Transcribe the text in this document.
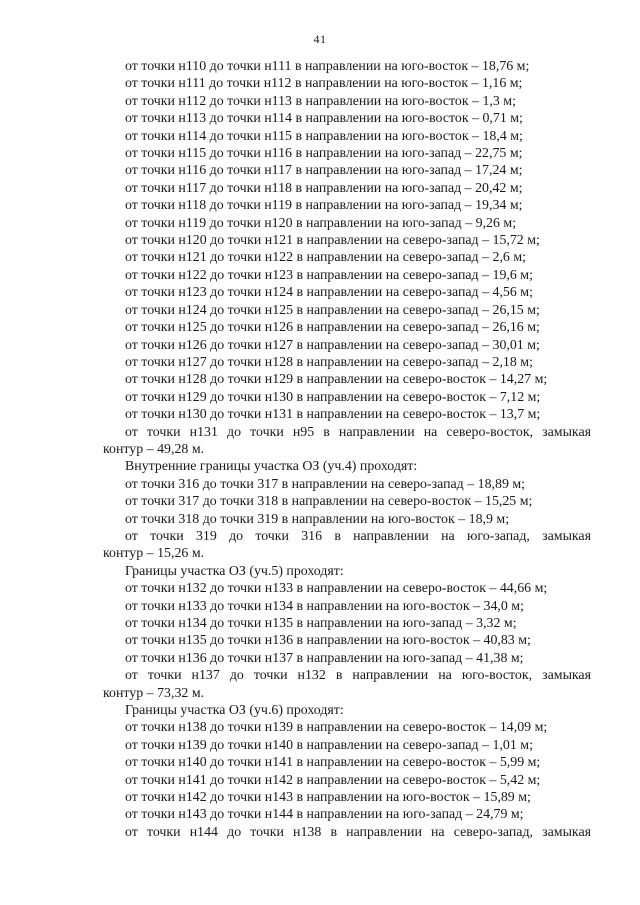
41
от точки н110 до точки н111 в направлении на юго-восток – 18,76 м;
от точки н111 до точки н112 в направлении на юго-восток – 1,16 м;
от точки н112 до точки н113 в направлении на юго-восток – 1,3 м;
от точки н113 до точки н114 в направлении на юго-восток – 0,71 м;
от точки н114 до точки н115 в направлении на юго-восток – 18,4 м;
от точки н115 до точки н116 в направлении на юго-запад – 22,75 м;
от точки н116 до точки н117 в направлении на юго-запад – 17,24 м;
от точки н117 до точки н118 в направлении на юго-запад – 20,42 м;
от точки н118 до точки н119 в направлении на юго-запад – 19,34 м;
от точки н119 до точки н120 в направлении на юго-запад – 9,26 м;
от точки н120 до точки н121 в направлении на северо-запад – 15,72 м;
от точки н121 до точки н122 в направлении на северо-запад – 2,6 м;
от точки н122 до точки н123 в направлении на северо-запад – 19,6 м;
от точки н123 до точки н124 в направлении на северо-запад – 4,56 м;
от точки н124 до точки н125 в направлении на северо-запад – 26,15 м;
от точки н125 до точки н126 в направлении на северо-запад – 26,16 м;
от точки н126 до точки н127 в направлении на северо-запад – 30,01 м;
от точки н127 до точки н128 в направлении на северо-запад – 2,18 м;
от точки н128 до точки н129 в направлении на северо-восток – 14,27 м;
от точки н129 до точки н130 в направлении на северо-восток – 7,12 м;
от точки н130 до точки н131 в направлении на северо-восток – 13,7 м;
от точки н131 до точки н95 в направлении на северо-восток, замыкая
контур – 49,28 м.
Внутренние границы участка ОЗ (уч.4) проходят:
от точки 316 до точки 317 в направлении на северо-запад – 18,89 м;
от точки 317 до точки 318 в направлении на северо-восток – 15,25 м;
от точки 318 до точки 319 в направлении на юго-восток – 18,9 м;
от точки 319 до точки 316 в направлении на юго-запад, замыкая
контур – 15,26 м.
Границы участка ОЗ (уч.5) проходят:
от точки н132 до точки н133 в направлении на северо-восток – 44,66 м;
от точки н133 до точки н134 в направлении на юго-восток – 34,0 м;
от точки н134 до точки н135 в направлении на юго-запад – 3,32 м;
от точки н135 до точки н136 в направлении на юго-восток – 40,83 м;
от точки н136 до точки н137 в направлении на юго-запад – 41,38 м;
от точки н137 до точки н132 в направлении на юго-восток, замыкая
контур – 73,32 м.
Границы участка ОЗ (уч.6) проходят:
от точки н138 до точки н139 в направлении на северо-восток – 14,09 м;
от точки н139 до точки н140 в направлении на северо-запад – 1,01 м;
от точки н140 до точки н141 в направлении на северо-восток – 5,99 м;
от точки н141 до точки н142 в направлении на северо-восток – 5,42 м;
от точки н142 до точки н143 в направлении на юго-восток – 15,89 м;
от точки н143 до точки н144 в направлении на юго-запад – 24,79 м;
от точки н144 до точки н138 в направлении на северо-запад, замыкая
